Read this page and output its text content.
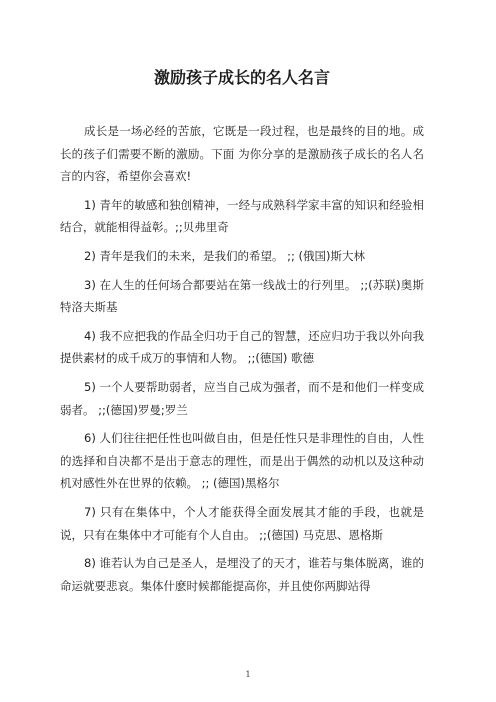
激励孩子成长的名人名言

成长是一场必经的苦旅，它既是一段过程，也是最终的目的地。成长的孩子们需要不断的激励。下面 为你分享的是激励孩子成长的名人名言的内容，希望你会喜欢!

1) 青年的敏感和独创精神，一经与成熟科学家丰富的知识和经验相结合，就能相得益彰。;;贝弗里奇

2) 青年是我们的未来，是我们的希望。 ;; (俄国)斯大林

3) 在人生的任何场合都要站在第一线战士的行列里。 ;;(苏联)奥斯特洛夫斯基

4) 我不应把我的作品全归功于自己的智慧，还应归功于我以外向我提供素材的成千成万的事情和人物。 ;;(德国) 歌德

5) 一个人要帮助弱者，应当自己成为强者，而不是和他们一样变成弱者。 ;;(德国)罗曼;罗兰

6) 人们往往把任性也叫做自由，但是任性只是非理性的自由，人性的选择和自决都不是出于意志的理性，而是出于偶然的动机以及这种动机对感性外在世界的依赖。 ;; (德国)黑格尔

7) 只有在集体中，个人才能获得全面发展其才能的手段，也就是说，只有在集体中才可能有个人自由。 ;;(德国) 马克思、恩格斯

8) 谁若认为自己是圣人，是埋没了的天才，谁若与集体脱离，谁的命运就要悲哀。集体什麽时候都能提高你，并且使你两脚站得

1
